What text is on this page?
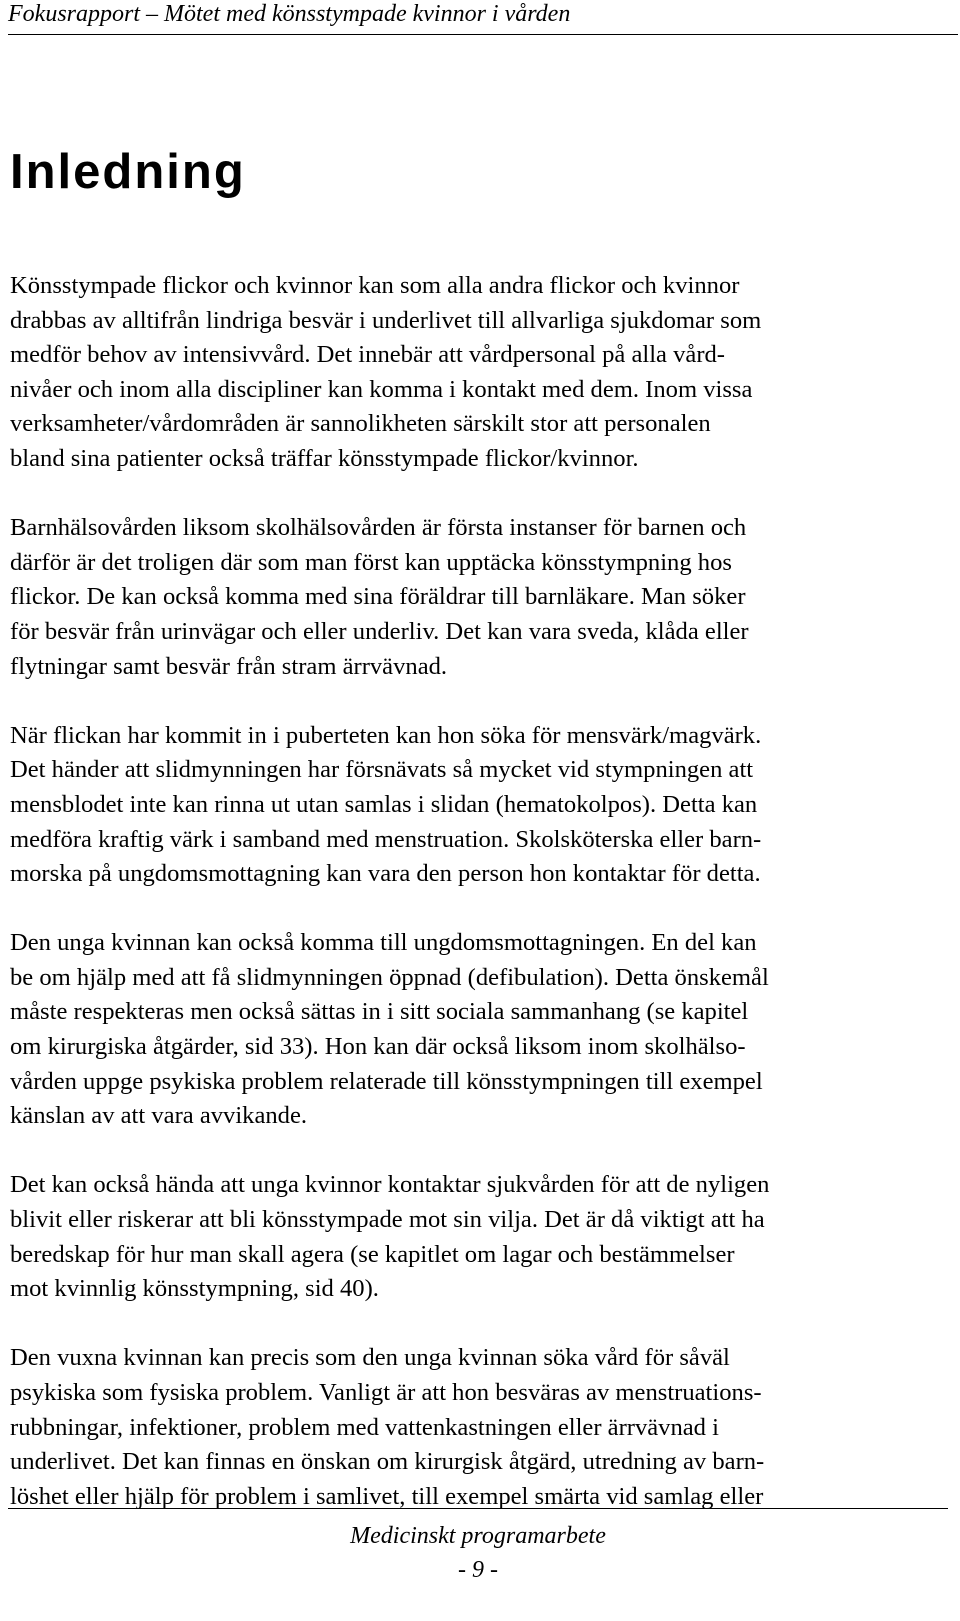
Fokusrapport – Mötet med könsstympade kvinnor i vården
Inledning

Könsstympade flickor och kvinnor kan som alla andra flickor och kvinnor
drabbas av alltifrån lindriga besvär i underlivet till allvarliga sjukdomar som
medför behov av intensivvård. Det innebär att vårdpersonal på alla vård-
nivåer och inom alla discipliner kan komma i kontakt med dem. Inom vissa
verksamheter/vårdområden är sannolikheten särskilt stor att personalen
bland sina patienter också träffar könsstympade flickor/kvinnor.

Barnhälsovården liksom skolhälsovården är första instanser för barnen och
därför är det troligen där som man först kan upptäcka könsstympning hos
flickor. De kan också komma med sina föräldrar till barnläkare. Man söker
för besvär från urinvägar och eller underliv. Det kan vara sveda, klåda eller
flytningar samt besvär från stram ärrvävnad.

När flickan har kommit in i puberteten kan hon söka för mensvärk/magvärk.
Det händer att slidmynningen har försnävats så mycket vid stympningen att
mensblodet inte kan rinna ut utan samlas i slidan (hematokolpos). Detta kan
medföra kraftig värk i samband med menstruation. Skolsköterska eller barn-
morska på ungdomsmottagning kan vara den person hon kontaktar för detta.

Den unga kvinnan kan också komma till ungdomsmottagningen. En del kan
be om hjälp med att få slidmynningen öppnad (defibulation). Detta önskemål
måste respekteras men också sättas in i sitt sociala sammanhang (se kapitel
om kirurgiska åtgärder, sid 33). Hon kan där också liksom inom skolhälso-
vården uppge psykiska problem relaterade till könsstympningen till exempel
känslan av att vara avvikande.

Det kan också hända att unga kvinnor kontaktar sjukvården för att de nyligen
blivit eller riskerar att bli könsstympade mot sin vilja. Det är då viktigt att ha
beredskap för hur man skall agera (se kapitlet om lagar och bestämmelser
mot kvinnlig könsstympning, sid 40).

Den vuxna kvinnan kan precis som den unga kvinnan söka vård för såväl
psykiska som fysiska problem. Vanligt är att hon besväras av menstruations-
rubbningar, infektioner, problem med vattenkastningen eller ärrvävnad i
underlivet. Det kan finnas en önskan om kirurgisk åtgärd, utredning av barn-
löshet eller hjälp för problem i samlivet, till exempel smärta vid samlag eller

Medicinskt programarbete
- 9 -
